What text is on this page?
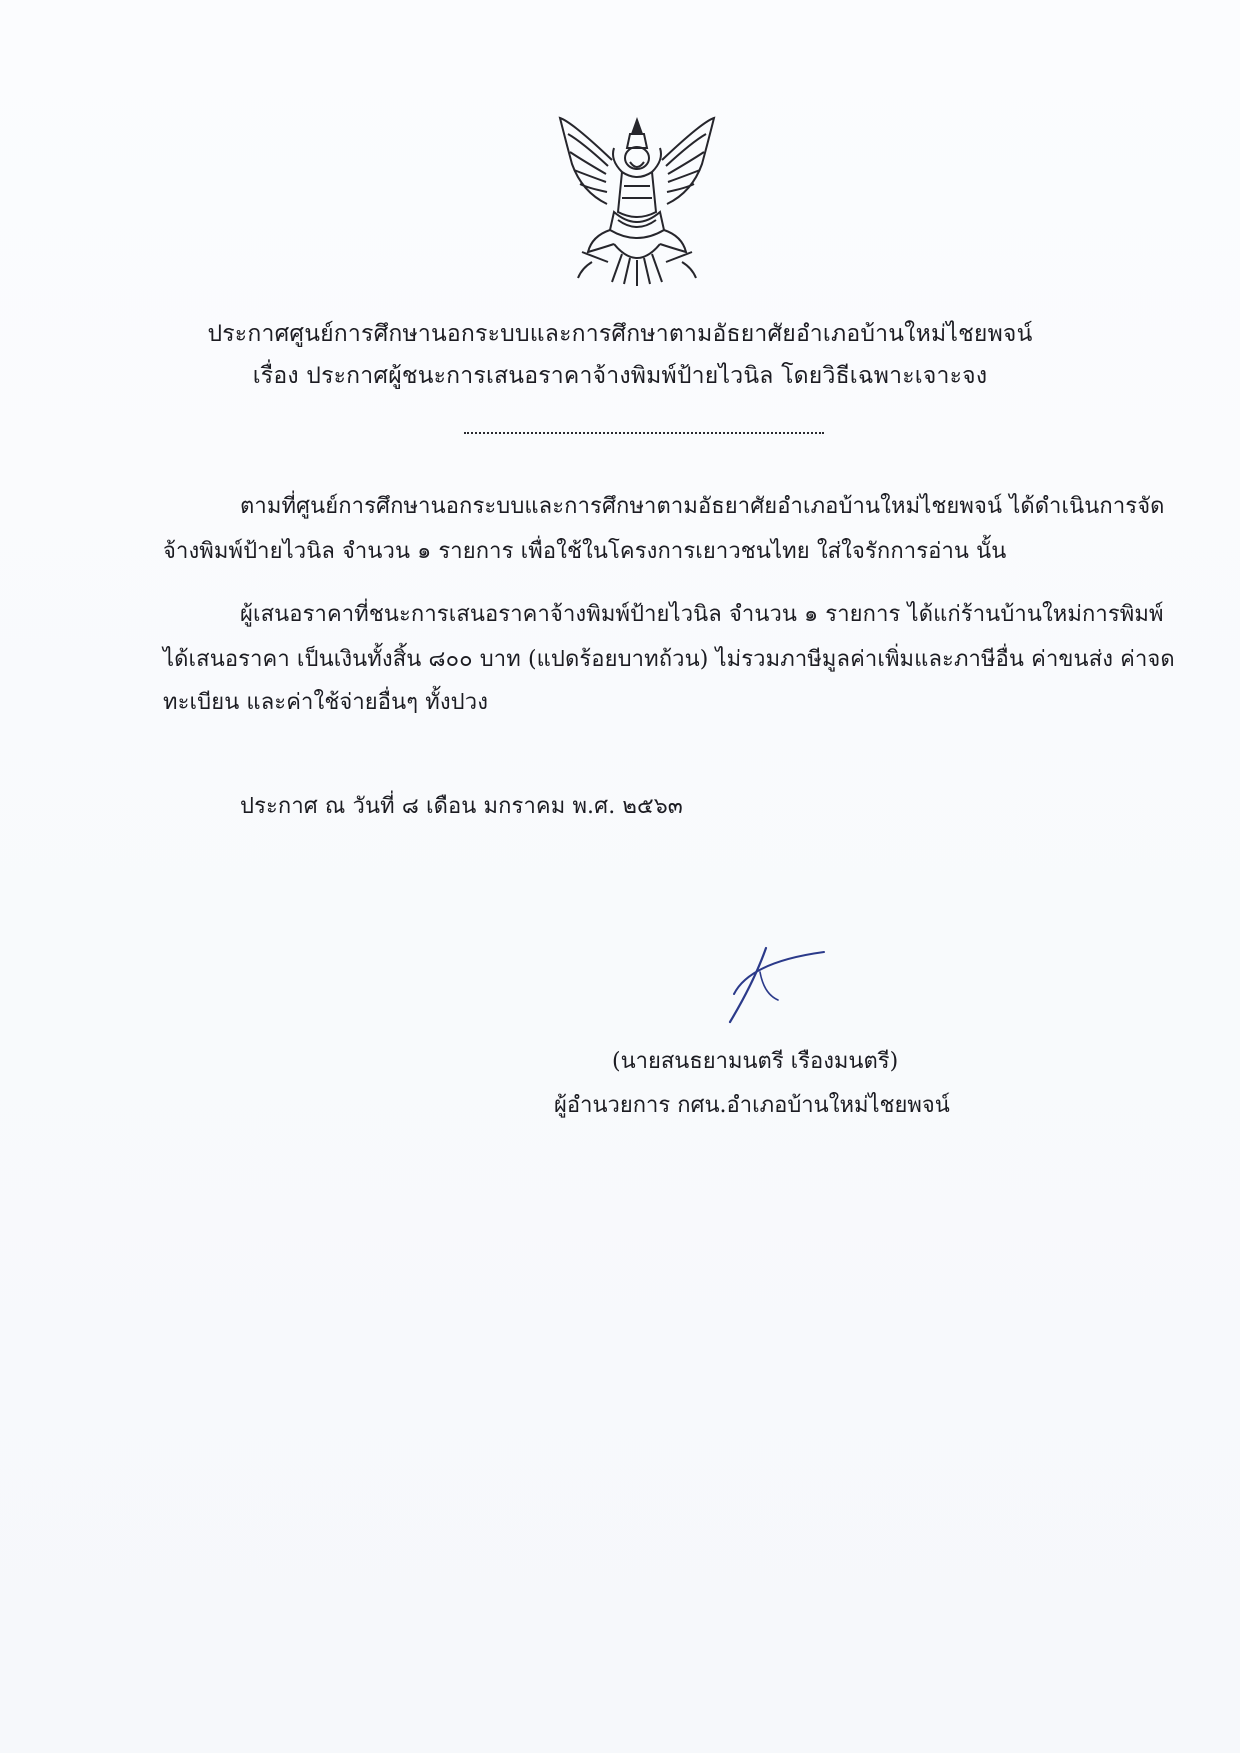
ประกาศศูนย์การศึกษานอกระบบและการศึกษาตามอัธยาศัยอำเภอบ้านใหม่ไชยพจน์
เรื่อง ประกาศผู้ชนะการเสนอราคาจ้างพิมพ์ป้ายไวนิล โดยวิธีเฉพาะเจาะจง
ตามที่ศูนย์การศึกษานอกระบบและการศึกษาตามอัธยาศัยอำเภอบ้านใหม่ไชยพจน์ ได้ดำเนินการจัด
จ้างพิมพ์ป้ายไวนิล จำนวน ๑ รายการ เพื่อใช้ในโครงการเยาวชนไทย ใส่ใจรักการอ่าน นั้น
ผู้เสนอราคาที่ชนะการเสนอราคาจ้างพิมพ์ป้ายไวนิล จำนวน ๑ รายการ ได้แก่ร้านบ้านใหม่การพิมพ์
ได้เสนอราคา เป็นเงินทั้งสิ้น ๘๐๐ บาท (แปดร้อยบาทถ้วน) ไม่รวมภาษีมูลค่าเพิ่มและภาษีอื่น ค่าขนส่ง ค่าจด
ทะเบียน และค่าใช้จ่ายอื่นๆ ทั้งปวง
ประกาศ ณ วันที่ ๘ เดือน มกราคม พ.ศ. ๒๕๖๓
(นายสนธยามนตรี เรืองมนตรี)
ผู้อำนวยการ กศน.อำเภอบ้านใหม่ไชยพจน์
